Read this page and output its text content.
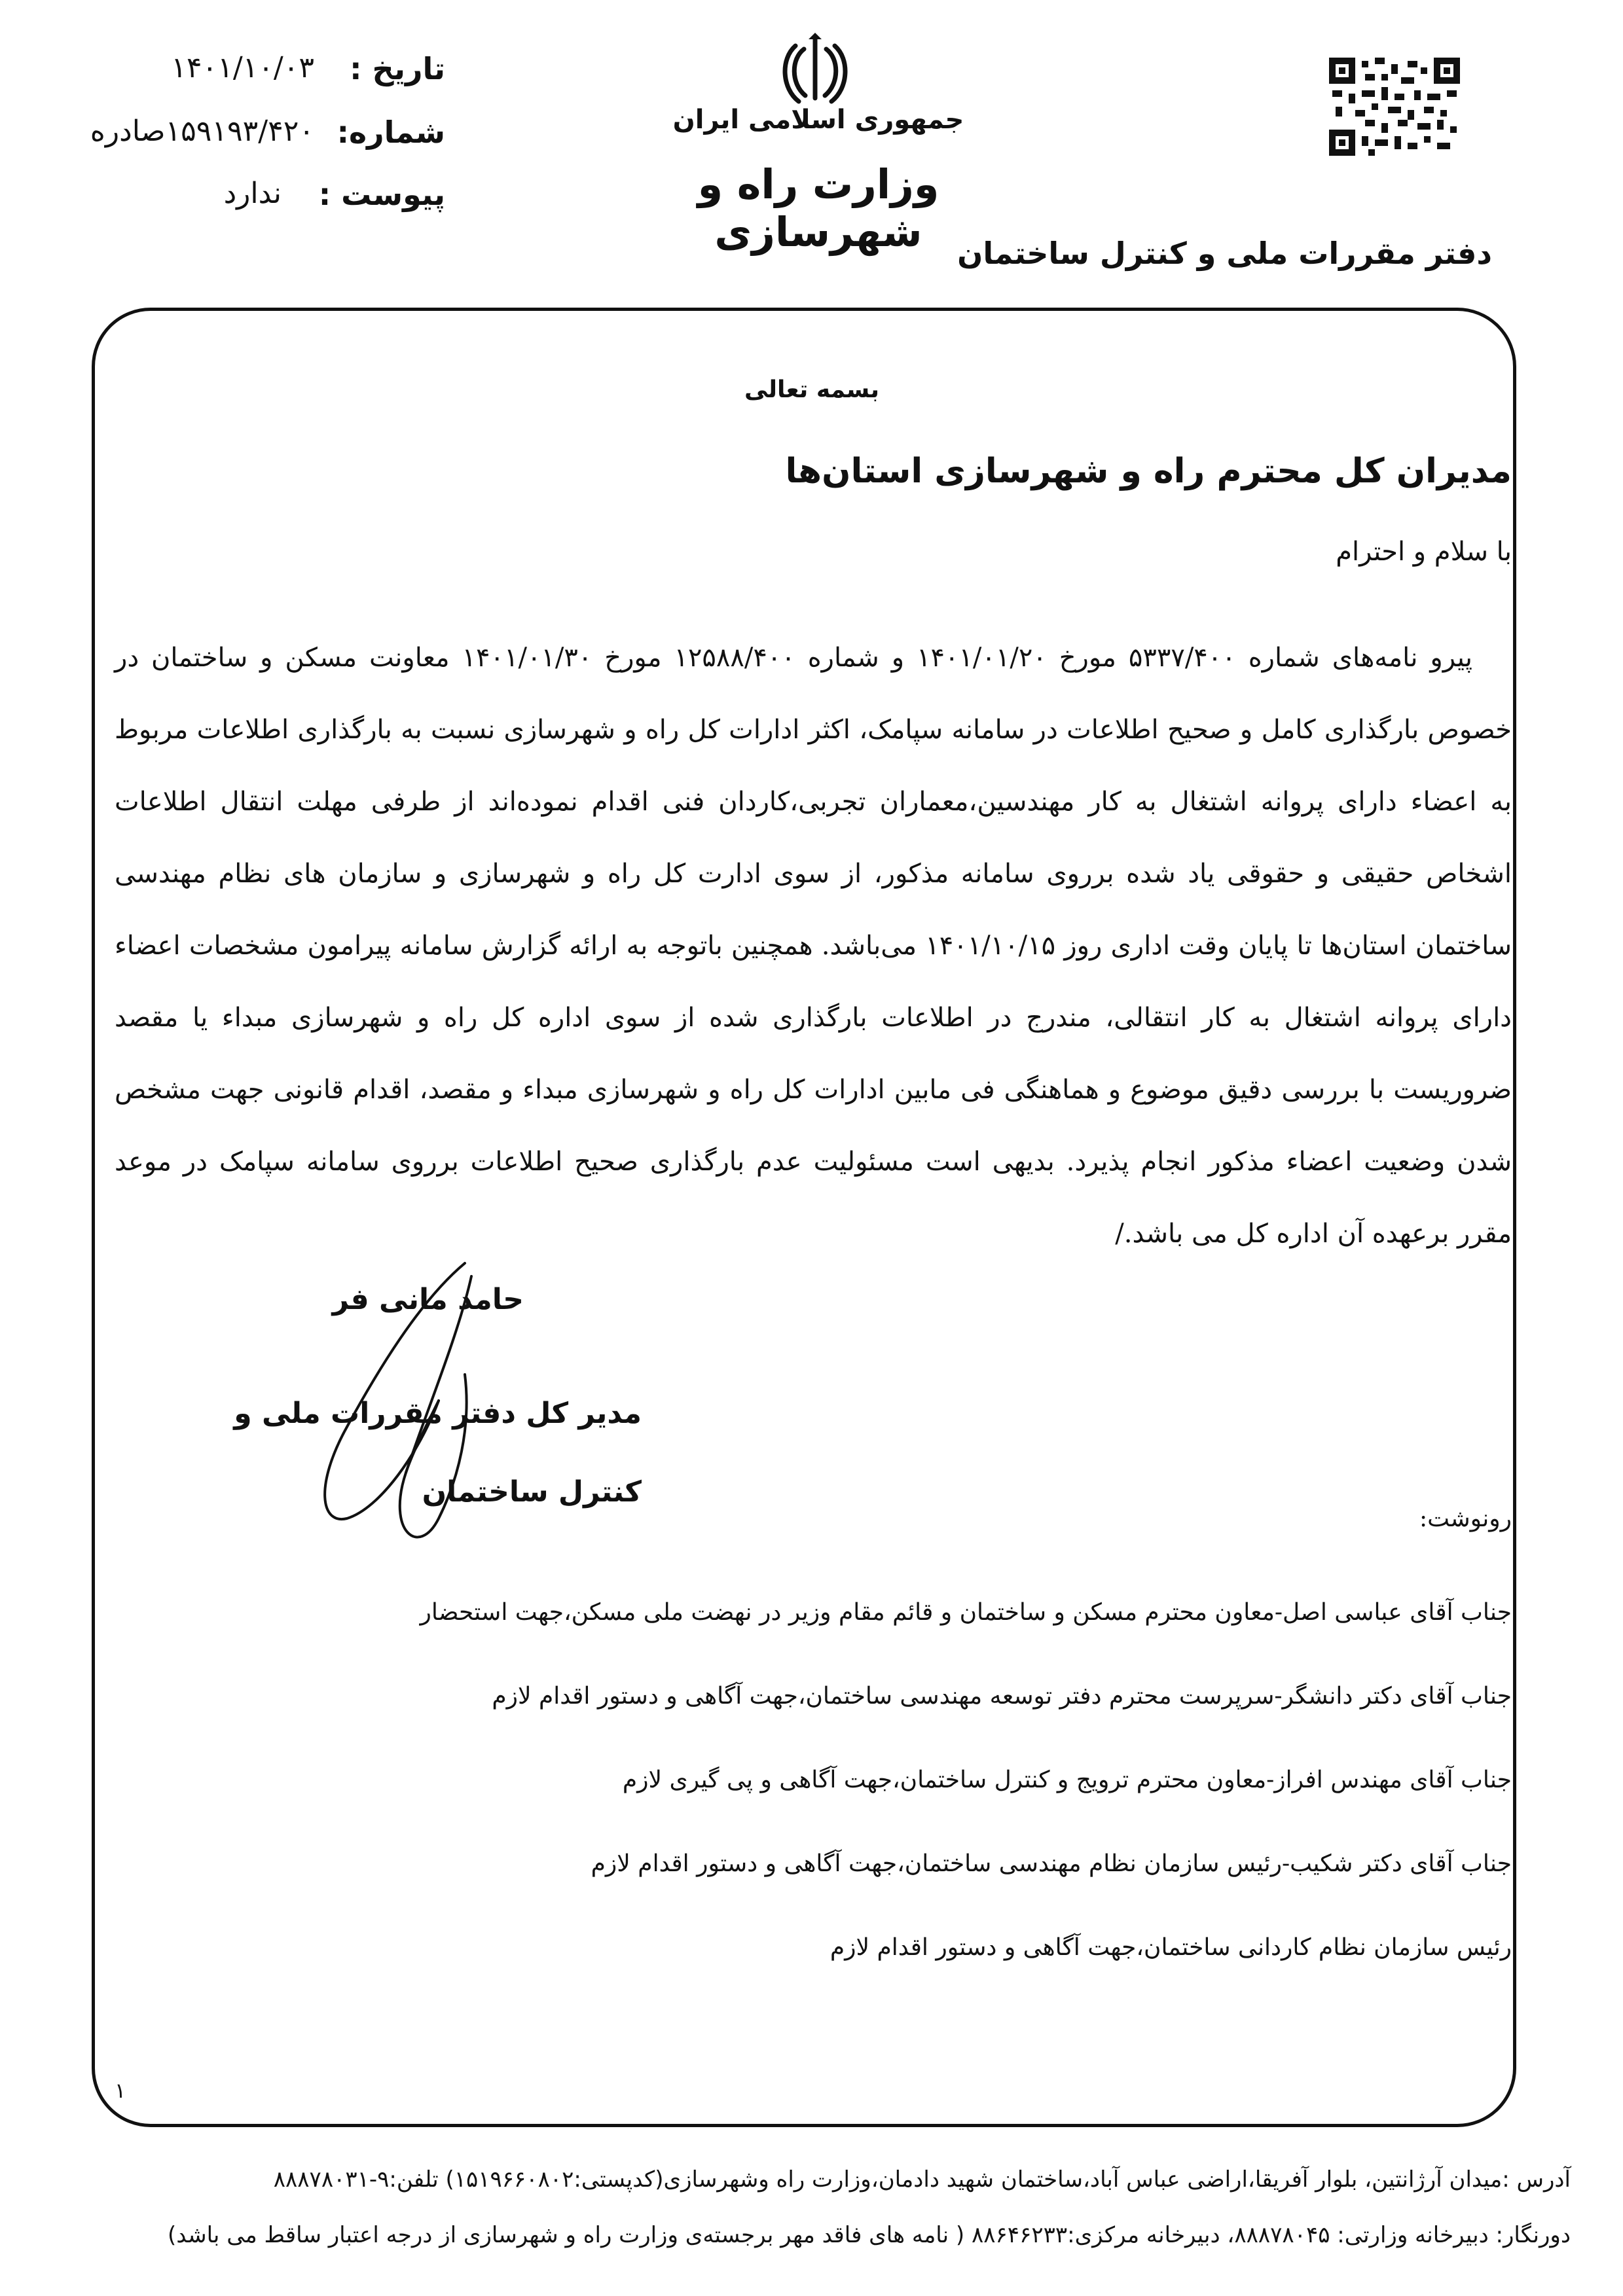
تاریخ :
۱۴۰۱/۱۰/۰۳
شماره:
۱۵۹۱۹۳/۴۲۰صادره
پیوست :
ندارد
جمهوری اسلامی ایران
وزارت راه و شهرسازی	دفتر مقررات ملی و کنترل ساختمان
بسمه تعالی
مدیران کل محترم راه و شهرسازی استان‌ها
با سلام و احترام
پیرو نامه‌های شماره ۵۳۳۷/۴۰۰ مورخ ۱۴۰۱/۰۱/۲۰ و شماره ۱۲۵۸۸/۴۰۰ مورخ ۱۴۰۱/۰۱/۳۰ معاونت مسکن و ساختمان در خصوص بارگذاری کامل و صحیح اطلاعات در سامانه سپامک، اکثر ادارات کل راه و شهرسازی نسبت به بارگذاری اطلاعات مربوط به اعضاء دارای پروانه اشتغال به کار مهندسین،معماران تجربی،کاردان فنی اقدام نموده‌اند از طرفی مهلت انتقال اطلاعات اشخاص حقیقی و حقوقی یاد شده برروی سامانه مذکور، از سوی ادارت کل راه و شهرسازی و سازمان های نظام مهندسی ساختمان استان‌ها تا پایان وقت اداری روز ۱۴۰۱/۱۰/۱۵ می‌باشد. همچنین باتوجه به ارائه گزارش سامانه پیرامون مشخصات اعضاء دارای پروانه اشتغال به کار انتقالی، مندرج در اطلاعات بارگذاری شده از سوی اداره کل راه و شهرسازی مبداء یا مقصد ضروریست با بررسی دقیق موضوع و هماهنگی فی مابین ادارات کل راه و شهرسازی مبداء و مقصد، اقدام قانونی جهت مشخص شدن وضعیت اعضاء مذکور انجام پذیرد. بدیهی است مسئولیت عدم بارگذاری صحیح اطلاعات برروی سامانه سپامک در موعد مقرر برعهده آن اداره کل می باشد./
حامد مانی فر
مدیر کل دفتر مقررات ملی و کنترل ساختمان
رونوشت:
جناب آقای عباسی اصل-معاون محترم مسکن و ساختمان و قائم مقام وزیر در نهضت ملی مسکن،جهت استحضار
جناب آقای دکتر دانشگر-سرپرست محترم دفتر توسعه مهندسی ساختمان،جهت آگاهی و دستور اقدام لازم
جناب آقای مهندس افراز-معاون محترم ترویج و کنترل ساختمان،جهت آگاهی و پی گیری لازم
جناب آقای دکتر شکیب-رئیس سازمان نظام مهندسی ساختمان،جهت آگاهی و دستور اقدام لازم
رئیس سازمان نظام کاردانی ساختمان،جهت آگاهی و دستور اقدام لازم
۱
آدرس :میدان آرژانتین، بلوار آفریقا،اراضی عباس آباد،ساختمان شهید دادمان،وزارت راه وشهرسازی(کدپستی:۱۵۱۹۶۶۰۸۰۲) تلفن:۹-۸۸۸۷۸۰۳۱
دورنگار: دبیرخانه وزارتی: ۸۸۸۷۸۰۴۵، دبیرخانه مرکزی:۸۸۶۴۶۲۳۳ ( نامه های فاقد مهر برجسته‌ی وزارت راه و شهرسازی از درجه اعتبار ساقط می باشد)
